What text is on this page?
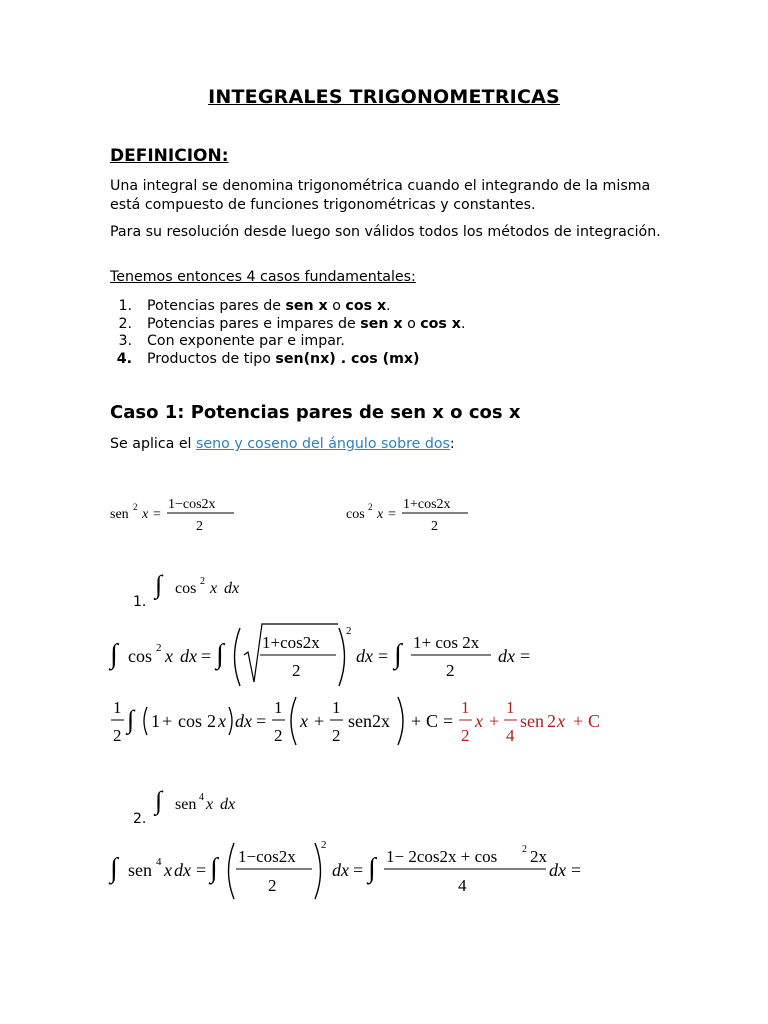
INTEGRALES TRIGONOMETRICAS
DEFINICION:
Una integral se denomina trigonométrica cuando el integrando de la misma está compuesto de funciones trigonométricas y constantes.
Para su resolución desde luego son válidos todos los métodos de integración.
Tenemos entonces 4 casos fundamentales:
1. Potencias pares de sen x o cos x.
2. Potencias pares e impares de sen x o cos x.
3. Con exponente par e impar.
4. Productos de tipo sen(nx) . cos (mx)
Caso 1: Potencias pares de sen x o cos x
Se aplica el seno y coseno del ángulo sobre dos:
sen 2 x =
1−cos2x
2
cos 2 x =
1+cos2x
2
1.
∫ cos 2 x dx
∫ cos 2 x dx = ∫ 1+cos2x
2
2
dx = ∫ 1+ cos 2x
2
dx =
1
2
∫ 1 + cos 2 x dx =
1
2
x +
1
2
sen2x + C =
1
2
x +
1
4
sen 2 x + C
2.
∫ sen 4 x dx
∫ sen 4 x dx = ∫ 1−cos2x
2
2
dx = ∫ 1− 2cos2x + cos 2 2x
4
dx =
